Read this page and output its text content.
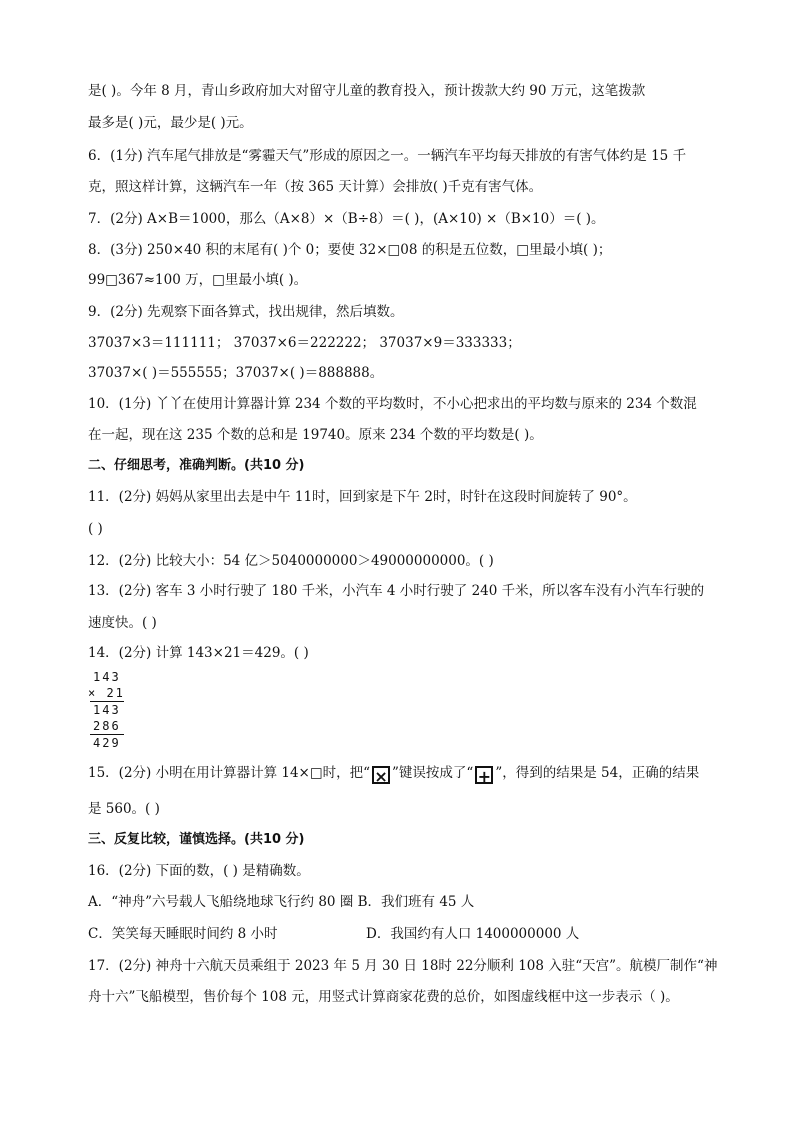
是( )。今年 8 月，青山乡政府加大对留守儿童的教育投入，预计拨款大约 90 万元，这笔拨款
最多是( )元，最少是( )元。
6．(1分) 汽车尾气排放是“雾霾天气”形成的原因之一。一辆汽车平均每天排放的有害气体约是 15 千
克，照这样计算，这辆汽车一年（按 365 天计算）会排放( )千克有害气体。
7．(2分) A×B＝1000，那么（A×8）×（B÷8）＝( )，(A×10) ×（B×10）＝( )。
8．(3分) 250×40 积的末尾有( )个 0；要使 32×□08 的积是五位数，□里最小填( )；
99□367≈100 万，□里最小填( )。
9．(2分) 先观察下面各算式，找出规律，然后填数。
37037×3＝111111； 37037×6＝222222； 37037×9＝333333；
37037×( )＝555555；37037×( )＝888888。
10．(1分) 丫丫在使用计算器计算 234 个数的平均数时，不小心把求出的平均数与原来的 234 个数混
在一起，现在这 235 个数的总和是 19740。原来 234 个数的平均数是( )。
二、仔细思考，准确判断。(共10 分)
11．(2分) 妈妈从家里出去是中午 11时，回到家是下午 2时，时针在这段时间旋转了 90°。
( )
12．(2分) 比较大小：54 亿＞5040000000＞49000000000。( )
13．(2分) 客车 3 小时行驶了 180 千米，小汽车 4 小时行驶了 240 千米，所以客车没有小汽车行驶的
速度快。( )
14．(2分) 计算 143×21＝429。( )
143
× 21
143
286
429
15．(2分) 小明在用计算器计算 14×□时，把“ × ”键误按成了“ + ”，得到的结果是 54，正确的结果
是 560。( )
三、反复比较，谨慎选择。(共10 分)
16．(2分) 下面的数，( ) 是精确数。
A．“神舟”六号载人飞船绕地球飞行约 80 圈 B．我们班有 45 人
C．笑笑每天睡眠时间约 8 小时	D．我国约有人口 1400000000 人
17．(2分) 神舟十六航天员乘组于 2023 年 5 月 30 日 18时 22分顺利 108 入驻“天宫”。航模厂制作“神
舟十六”飞船模型，售价每个 108 元，用竖式计算商家花费的总价，如图虚线框中这一步表示（ )。
